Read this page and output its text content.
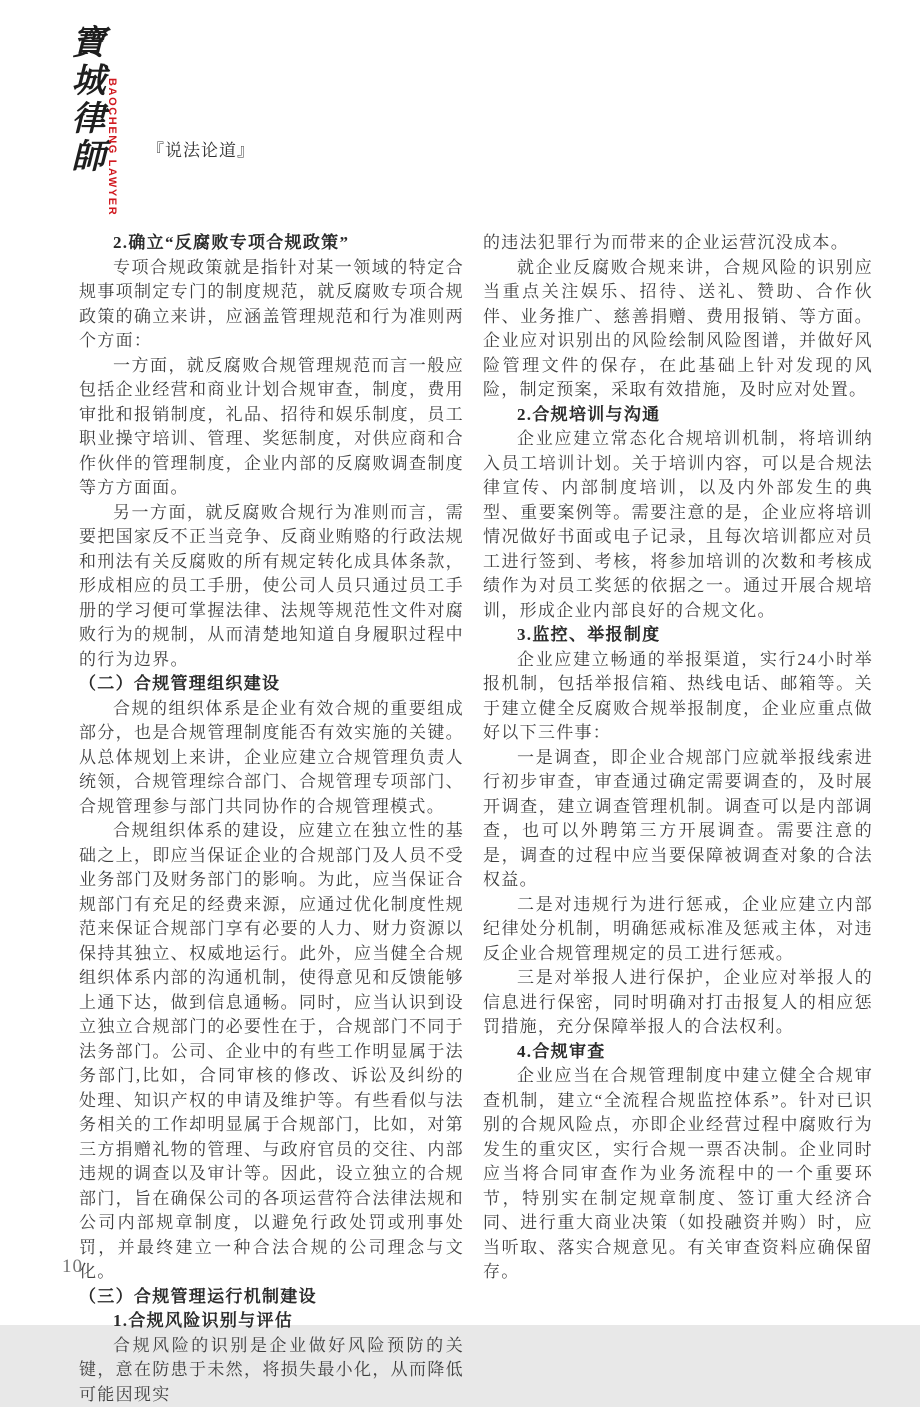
寶城律師 BAOCHENG LAWYER 『说法论道』

2.确立“反腐败专项合规政策”

专项合规政策就是指针对某一领域的特定合规事项制定专门的制度规范，就反腐败专项合规政策的确立来讲，应涵盖管理规范和行为准则两个方面：

一方面，就反腐败合规管理规范而言一般应包括企业经营和商业计划合规审查，制度，费用审批和报销制度，礼品、招待和娱乐制度，员工职业操守培训、管理、奖惩制度，对供应商和合作伙伴的管理制度，企业内部的反腐败调查制度等方方面面。

另一方面，就反腐败合规行为准则而言，需要把国家反不正当竞争、反商业贿赂的行政法规和刑法有关反腐败的所有规定转化成具体条款，形成相应的员工手册，使公司人员只通过员工手册的学习便可掌握法律、法规等规范性文件对腐败行为的规制，从而清楚地知道自身履职过程中的行为边界。

（二）合规管理组织建设

合规的组织体系是企业有效合规的重要组成部分，也是合规管理制度能否有效实施的关键。从总体规划上来讲，企业应建立合规管理负责人统领，合规管理综合部门、合规管理专项部门、合规管理参与部门共同协作的合规管理模式。

合规组织体系的建设，应建立在独立性的基础之上，即应当保证企业的合规部门及人员不受业务部门及财务部门的影响。为此，应当保证合规部门有充足的经费来源，应通过优化制度性规范来保证合规部门享有必要的人力、财力资源以保持其独立、权威地运行。此外，应当健全合规组织体系内部的沟通机制，使得意见和反馈能够上通下达，做到信息通畅。同时，应当认识到设立独立合规部门的必要性在于，合规部门不同于法务部门。公司、企业中的有些工作明显属于法务部门,比如，合同审核的修改、诉讼及纠纷的处理、知识产权的申请及维护等。有些看似与法务相关的工作却明显属于合规部门，比如，对第三方捐赠礼物的管理、与政府官员的交往、内部违规的调查以及审计等。因此，设立独立的合规部门，旨在确保公司的各项运营符合法律法规和公司内部规章制度，以避免行政处罚或刑事处罚，并最终建立一种合法合规的公司理念与文化。

（三）合规管理运行机制建设

1.合规风险识别与评估

合规风险的识别是企业做好风险预防的关键，意在防患于未然，将损失最小化，从而降低可能因现实

的违法犯罪行为而带来的企业运营沉没成本。

就企业反腐败合规来讲，合规风险的识别应当重点关注娱乐、招待、送礼、赞助、合作伙伴、业务推广、慈善捐赠、费用报销、等方面。企业应对识别出的风险绘制风险图谱，并做好风险管理文件的保存，在此基础上针对发现的风险，制定预案，采取有效措施，及时应对处置。

2.合规培训与沟通

企业应建立常态化合规培训机制，将培训纳入员工培训计划。关于培训内容，可以是合规法律宣传、内部制度培训，以及内外部发生的典型、重要案例等。需要注意的是，企业应将培训情况做好书面或电子记录，且每次培训都应对员工进行签到、考核，将参加培训的次数和考核成绩作为对员工奖惩的依据之一。通过开展合规培训，形成企业内部良好的合规文化。

3.监控、举报制度

企业应建立畅通的举报渠道，实行24小时举报机制，包括举报信箱、热线电话、邮箱等。关于建立健全反腐败合规举报制度，企业应重点做好以下三件事：

一是调查，即企业合规部门应就举报线索进行初步审查，审查通过确定需要调查的，及时展开调查，建立调查管理机制。调查可以是内部调查，也可以外聘第三方开展调查。需要注意的是，调查的过程中应当要保障被调查对象的合法权益。

二是对违规行为进行惩戒，企业应建立内部纪律处分机制，明确惩戒标准及惩戒主体，对违反企业合规管理规定的员工进行惩戒。

三是对举报人进行保护，企业应对举报人的信息进行保密，同时明确对打击报复人的相应惩罚措施，充分保障举报人的合法权利。

4.合规审查

企业应当在合规管理制度中建立健全合规审查机制，建立“全流程合规监控体系”。针对已识别的合规风险点，亦即企业经营过程中腐败行为发生的重灾区，实行合规一票否决制。企业同时应当将合同审查作为业务流程中的一个重要环节，特别实在制定规章制度、签订重大经济合同、进行重大商业决策（如投融资并购）时，应当听取、落实合规意见。有关审查资料应确保留存。

10
